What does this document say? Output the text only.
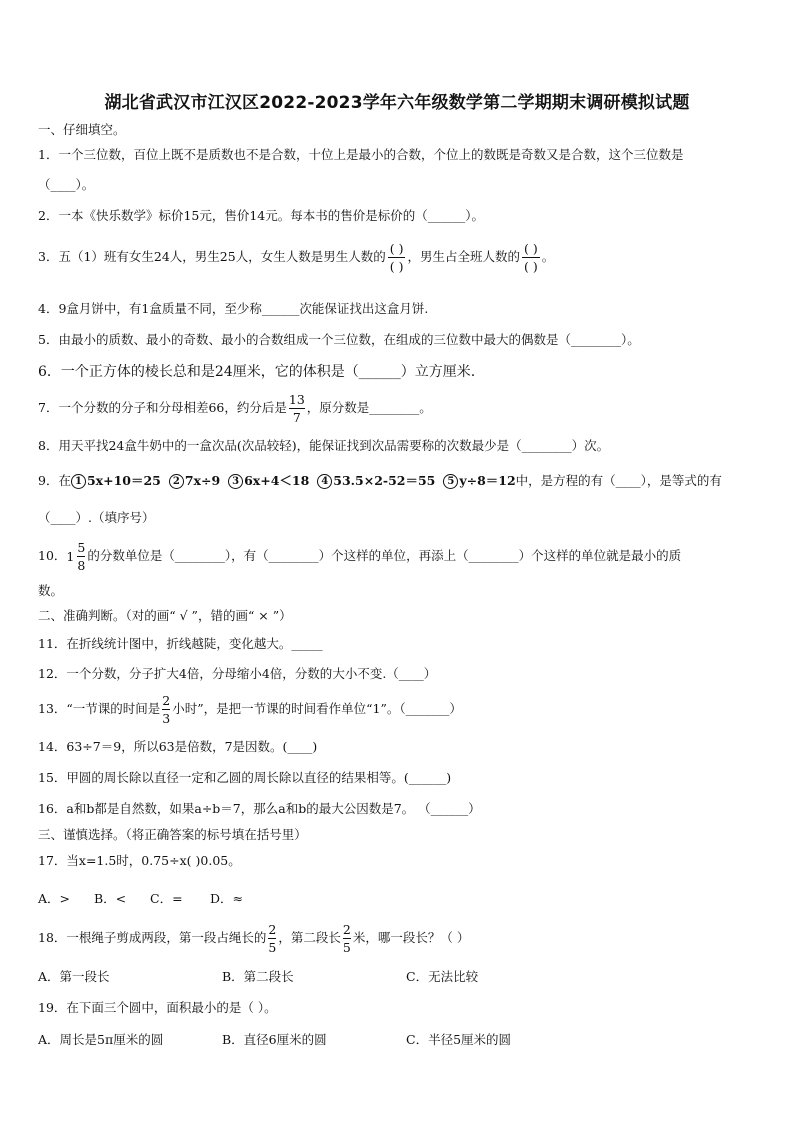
湖北省武汉市江汉区2022-2023学年六年级数学第二学期期末调研模拟试题
一、仔细填空。
1．一个三位数，百位上既不是质数也不是合数，十位上是最小的合数，个位上的数既是奇数又是合数，这个三位数是
（____）。
2．一本《快乐数学》标价15元，售价14元。每本书的售价是标价的（______）。
3．五（1）班有女生24人，男生25人，女生人数是男生人数的 $\frac{( )}{( )}$ ，男生占全班人数的 $\frac{( )}{( )}$ 。
4．9盒月饼中，有1盒质量不同，至少称______次能保证找出这盒月饼.
5．由最小的质数、最小的奇数、最小的合数组成一个三位数，在组成的三位数中最大的偶数是（________）。
6．一个正方体的棱长总和是24厘米，它的体积是（______）立方厘米.
7．一个分数的分子和分母相差66，约分后是 $\frac{13}{7}$ ，原分数是________。
8．用天平找24盒牛奶中的一盒次品(次品较轻)，能保证找到次品需要称的次数最少是（________）次。
9．在 1 5x+10＝25 2 7x÷9 3 6x+4＜18 4 53.5×2-52＝55 5 y÷8＝12中，是方程的有（____），是等式的有
（____）.（填序号）
10．$1 \frac{5}{8}$ 的分数单位是（________），有（________）个这样的单位，再添上（________）个这样的单位就是最小的质
数。
二、准确判断。（对的画“ √ ”，错的画“ × ”）
11．在折线统计图中，折线越陡，变化越大。_____
12．一个分数，分子扩大4倍，分母缩小4倍，分数的大小不变.（____）
13．“一节课的时间是 $\frac{2}{3}$ 小时”，是把一节课的时间看作单位“1”。（_______）
14．63÷7＝9，所以63是倍数，7是因数。(____)
15．甲圆的周长除以直径一定和乙圆的周长除以直径的结果相等。(______)
16．a和b都是自然数，如果a÷b＝7，那么a和b的最大公因数是7。 （______）
三、谨慎选择。（将正确答案的标号填在括号里）
17．当x=1.5时，0.75÷x( )0.05。
A．> B．< C．= D．≈
18．一根绳子剪成两段，第一段占绳长的 $\frac{2}{5}$ ，第二段长 $\frac{2}{5}$ 米，哪一段长？（ ）
A．第一段长	B．第二段长	C．无法比较
19．在下面三个圆中，面积最小的是（ ）。
A．周长是5π厘米的圆	B．直径6厘米的圆	C．半径5厘米的圆
